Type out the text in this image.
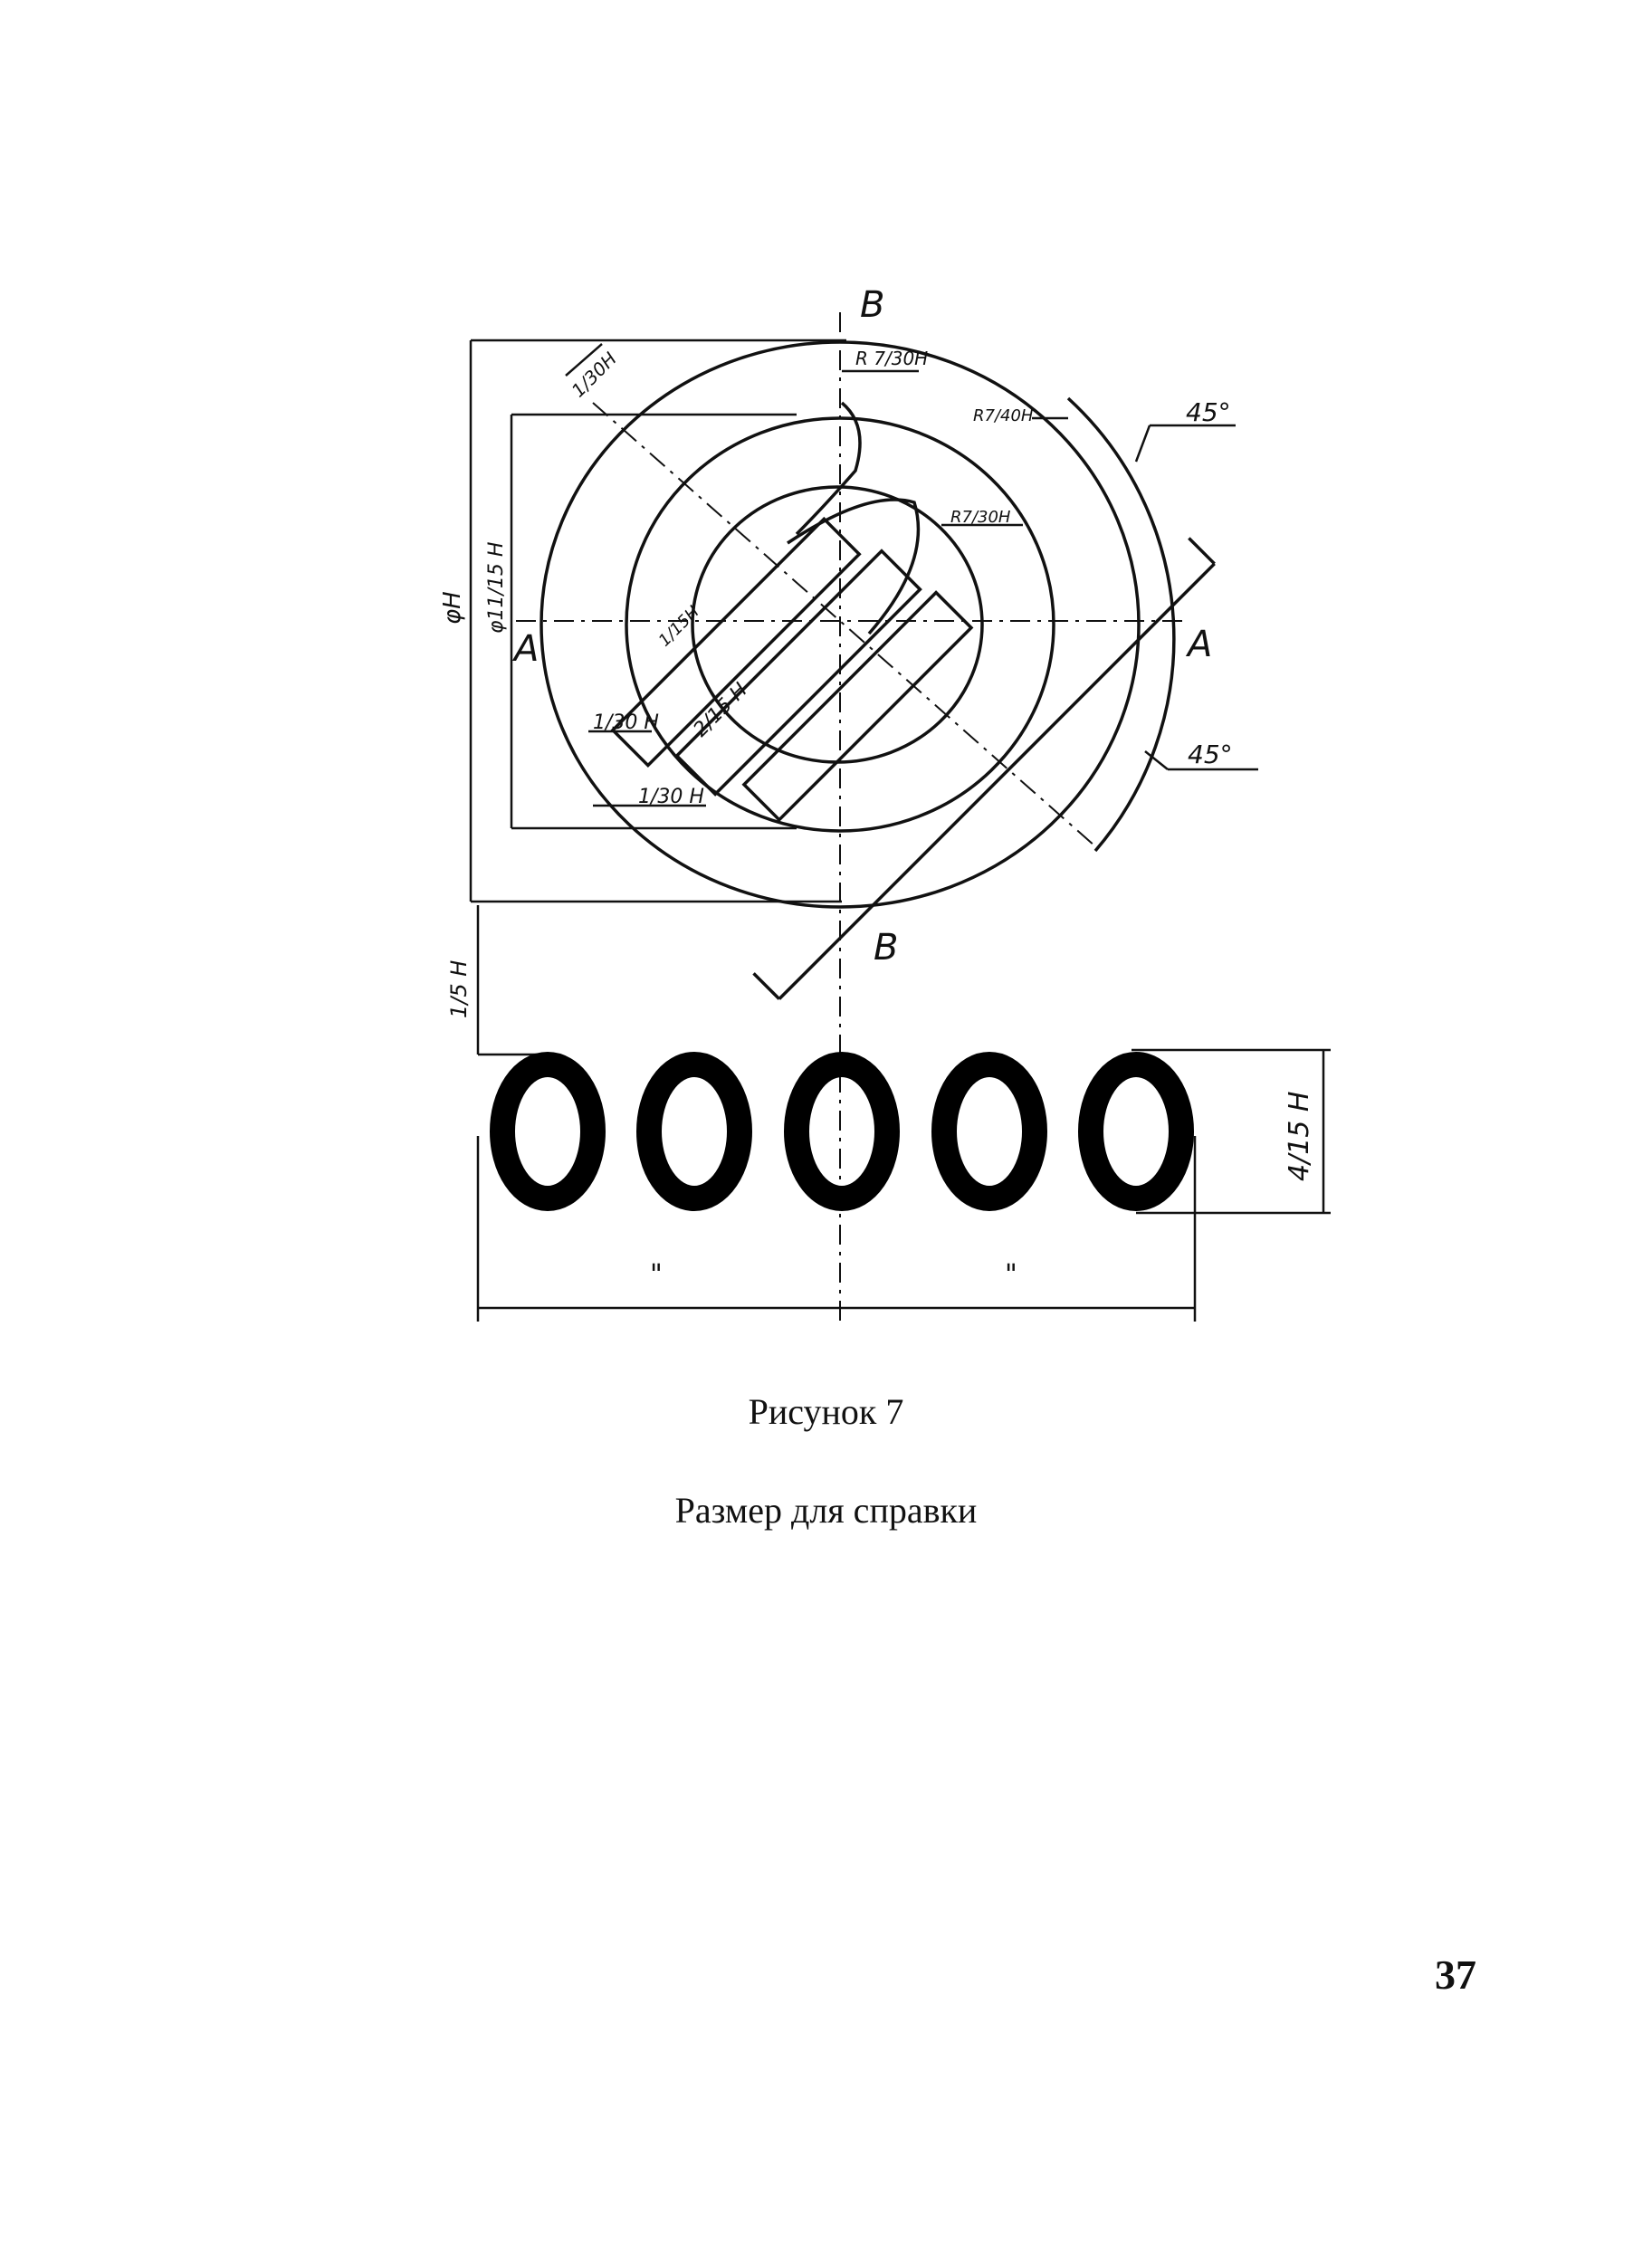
B
B
A	A
φH φ11/15 H
R 7/30H
R7/40H
R7/30H
1/30H
1/15H
1/30 H
1/30 H
2/15 H
45°
45°
1/5 H
4/15 H
"	"
Рисунок 7
Размер для справки
37
